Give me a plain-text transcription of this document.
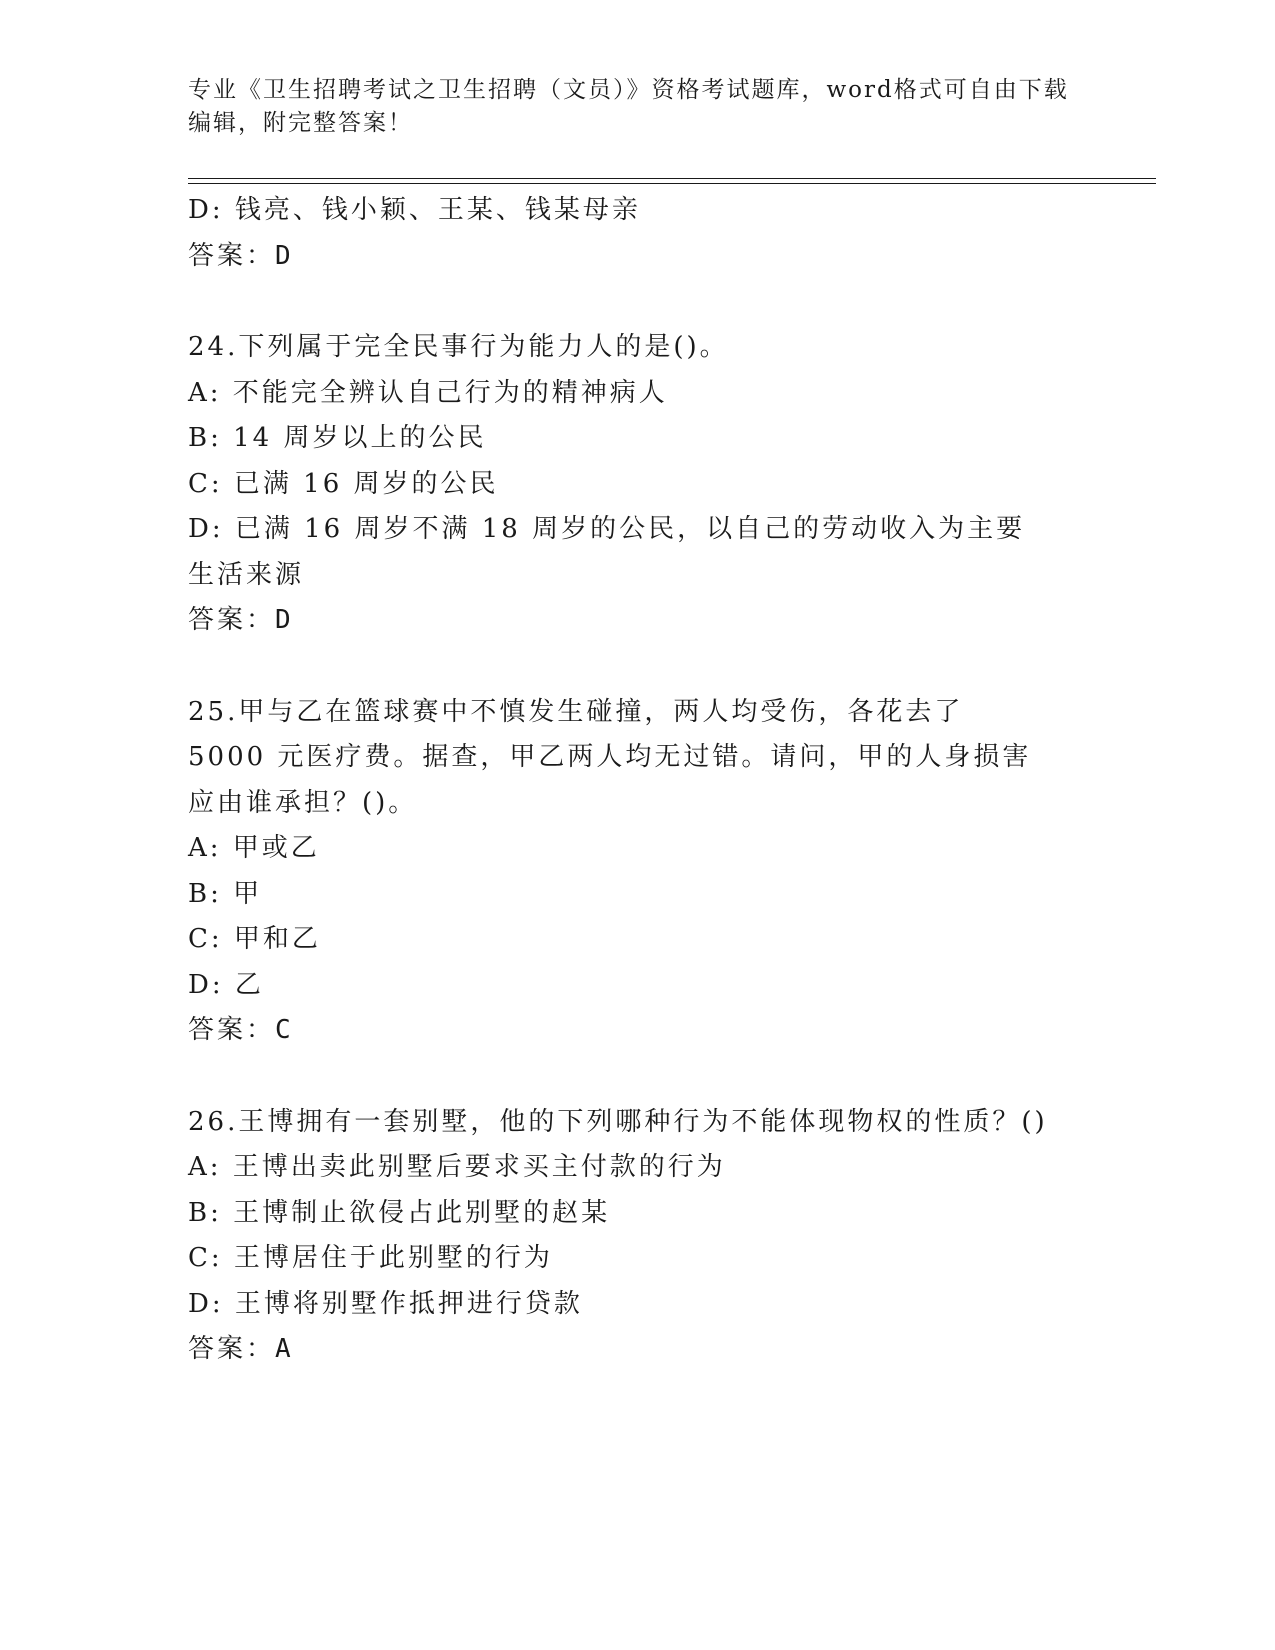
专业《卫生招聘考试之卫生招聘（文员）》资格考试题库，word格式可自由下载
编辑，附完整答案！

D: 钱亮、钱小颖、王某、钱某母亲

答案：D

24.下列属于完全民事行为能力人的是()。

A: 不能完全辨认自己行为的精神病人

B: 14 周岁以上的公民

C: 已满 16 周岁的公民

D: 已满 16 周岁不满 18 周岁的公民，以自己的劳动收入为主要生活来源

答案：D

25.甲与乙在篮球赛中不慎发生碰撞，两人均受伤，各花去了 5000 元医疗费。据查，甲乙两人均无过错。请问，甲的人身损害应由谁承担？()。

A: 甲或乙

B: 甲

C: 甲和乙

D: 乙

答案：C

26.王博拥有一套别墅，他的下列哪种行为不能体现物权的性质？()

A: 王博出卖此别墅后要求买主付款的行为

B: 王博制止欲侵占此别墅的赵某

C: 王博居住于此别墅的行为

D: 王博将别墅作抵押进行贷款

答案：A
